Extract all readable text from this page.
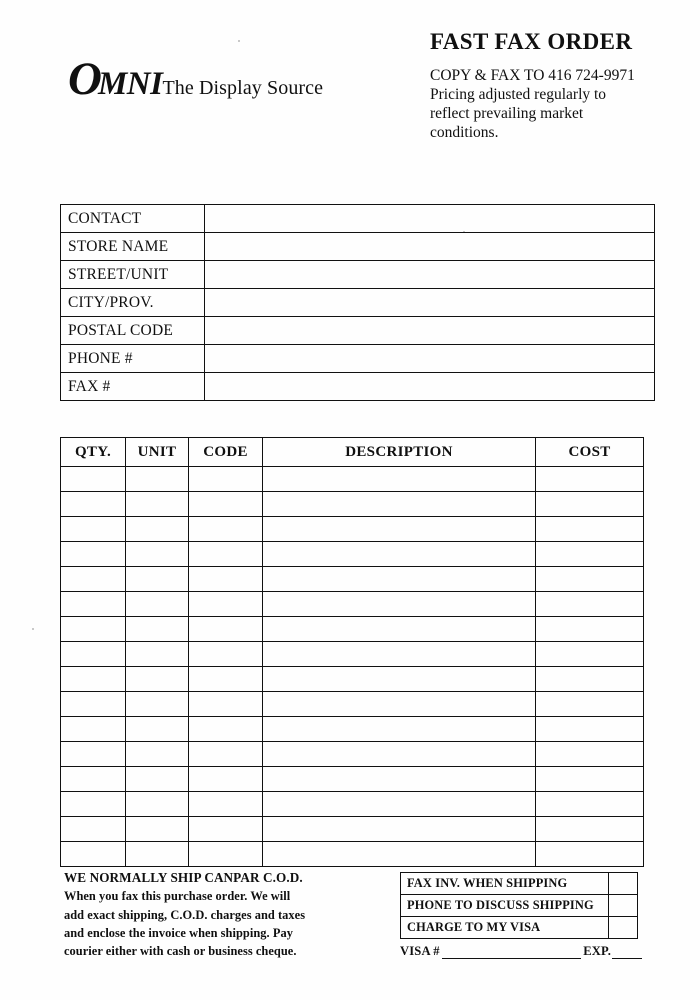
OMNIThe Display Source
FAST FAX ORDER
COPY & FAX TO 416 724-9971
Pricing adjusted regularly to reflect prevailing market conditions.
CONTACT	
STORE NAME	
STREET/UNIT	
CITY/PROV.	
POSTAL CODE	
PHONE #	
FAX #	
QTY.	UNIT	CODE	DESCRIPTION	COST

WE NORMALLY SHIP CANPAR C.O.D.
When you fax this purchase order. We will
add exact shipping, C.O.D. charges and taxes
and enclose the invoice when shipping. Pay
courier either with cash or business cheque.
FAX INV. WHEN SHIPPING	
PHONE TO DISCUSS SHIPPING	
CHARGE TO MY VISA	
VISA #	EXP.
